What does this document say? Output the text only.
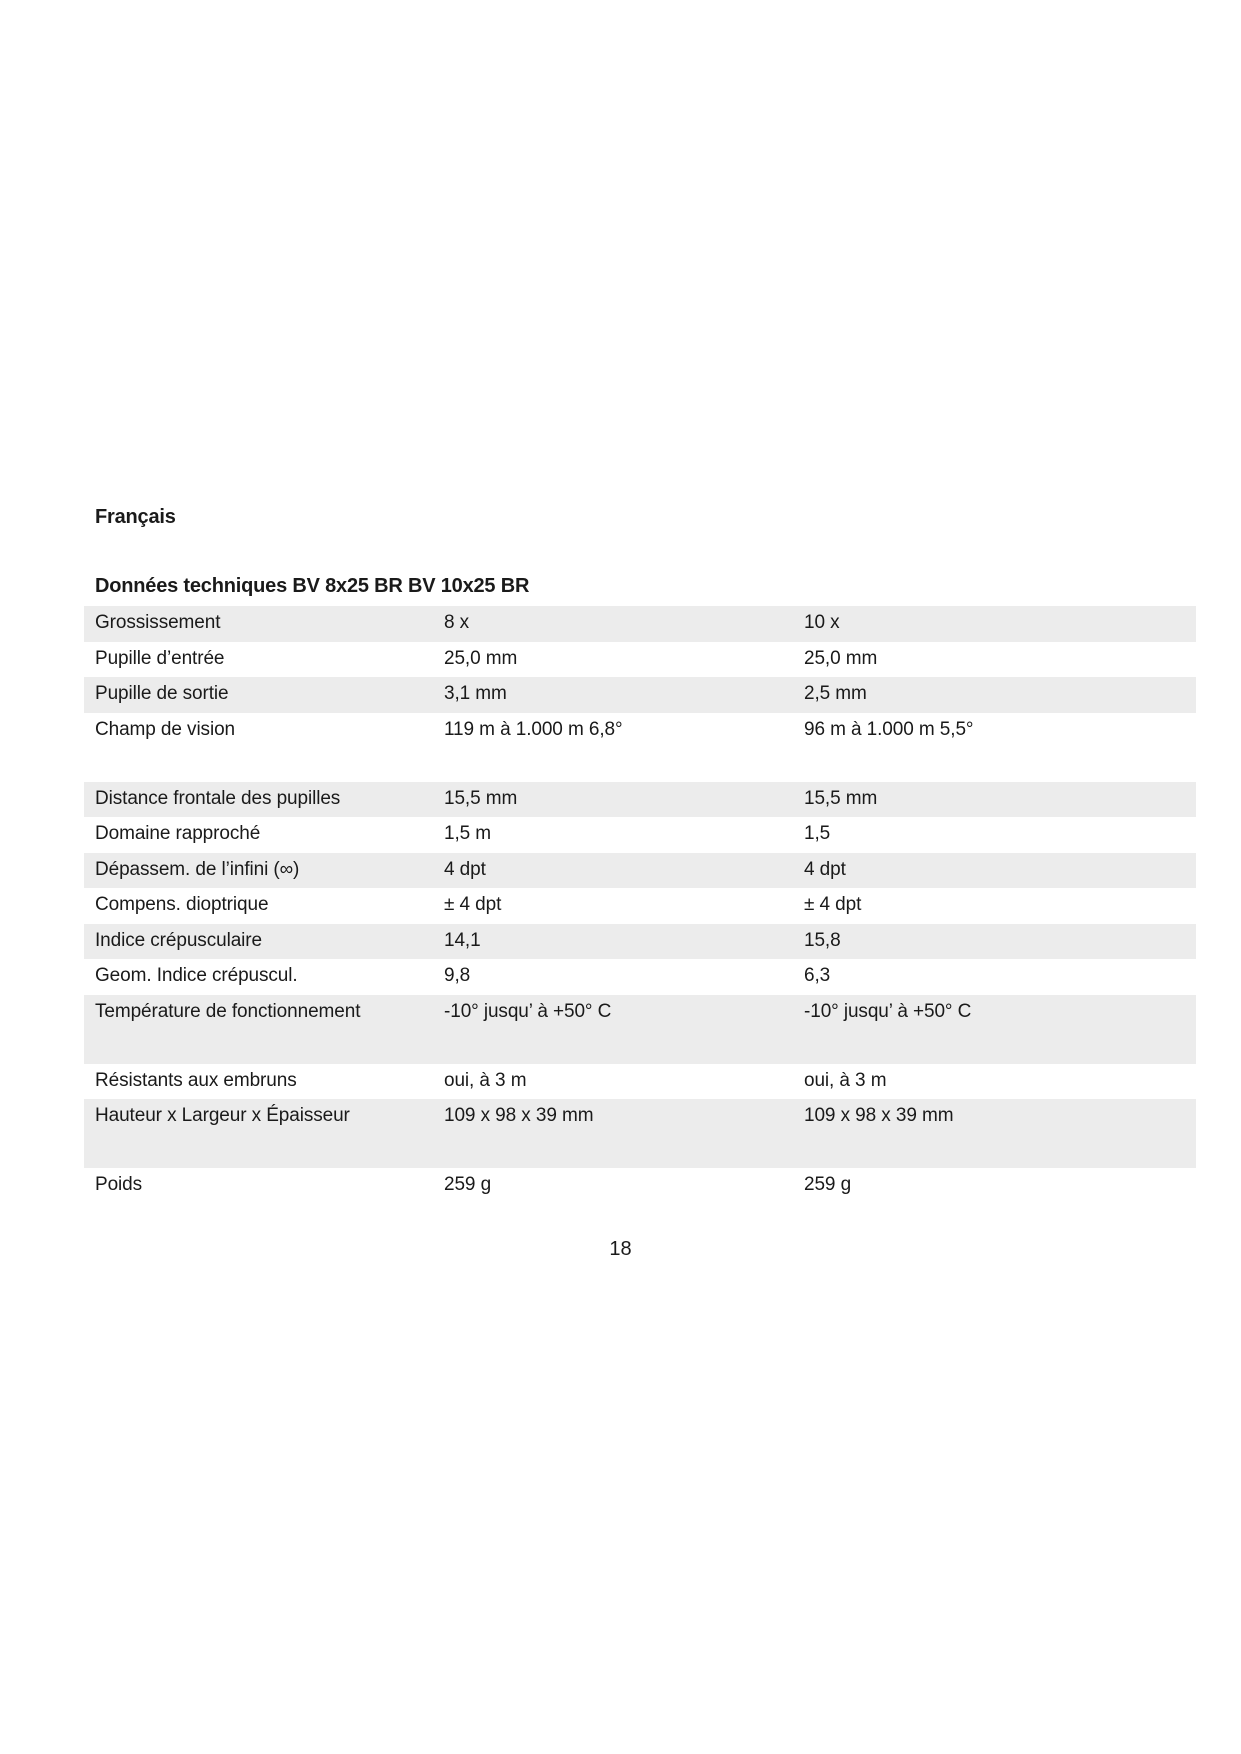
Français
Données techniques BV 8x25 BR BV 10x25 BR
Grossissement	8 x	10 x
Pupille d’entrée	25,0 mm	25,0 mm
Pupille de sortie	3,1 mm	2,5 mm
Champ de vision	119 m à 1.000 m 6,8°	96 m à 1.000 m 5,5°
Distance frontale des pupilles	15,5 mm	15,5 mm
Domaine rapproché	1,5 m	1,5
Dépassem. de l’infini (∞)	4 dpt	4 dpt
Compens. dioptrique	± 4 dpt	± 4 dpt
Indice crépusculaire	14,1	15,8
Geom. Indice crépuscul.	9,8	6,3
Température de fonctionnement	-10° jusqu’ à +50° C	-10° jusqu’ à +50° C
Résistants aux embruns	oui, à 3 m	oui, à 3 m
Hauteur x Largeur x Épaisseur	109 x 98 x 39 mm	109 x 98 x 39 mm
Poids	259 g	259 g
18
